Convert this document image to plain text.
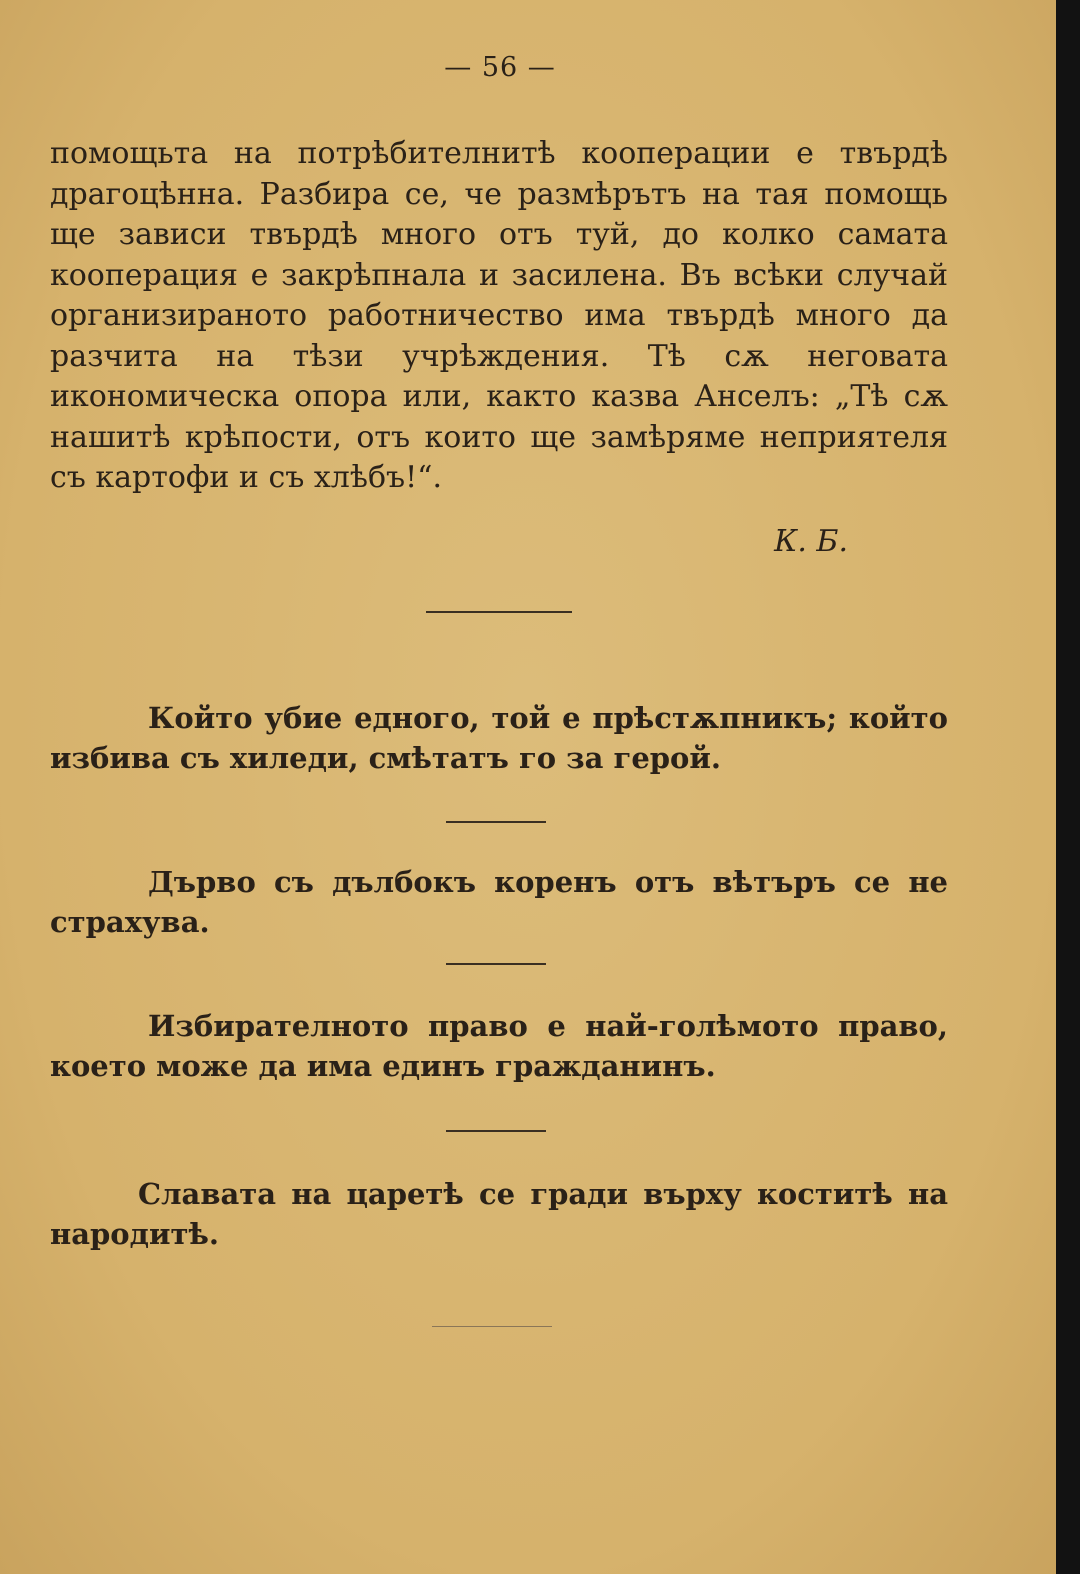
— 56 —

помощьта на потрѣбителнитѣ кооперации е твърдѣ драгоцѣнна. Разбира се, че размѣрътъ на тая помощь ще зависи твърдѣ много отъ туй, до колко самата кооперация е закрѣпнала и засилена. Въ всѣки случай организираното работничество има твърдѣ много да разчита на тѣзи учрѣждения. Тѣ сѫ неговата икономическа опора или, както казва Анселъ: „Тѣ сѫ нашитѣ крѣпости, отъ които ще замѣряме неприятеля съ картофи и съ хлѣбъ!“.

К. Б.

Който убие едного, той е прѣстѫпникъ; който избива съ хиледи, смѣтатъ го за герой.

Дърво съ дълбокъ коренъ отъ вѣтъръ се не страхува.

Избирателното право е най-голѣмото право, което може да има единъ гражданинъ.

Славата на царетѣ се гради върху коститѣ на народитѣ.
